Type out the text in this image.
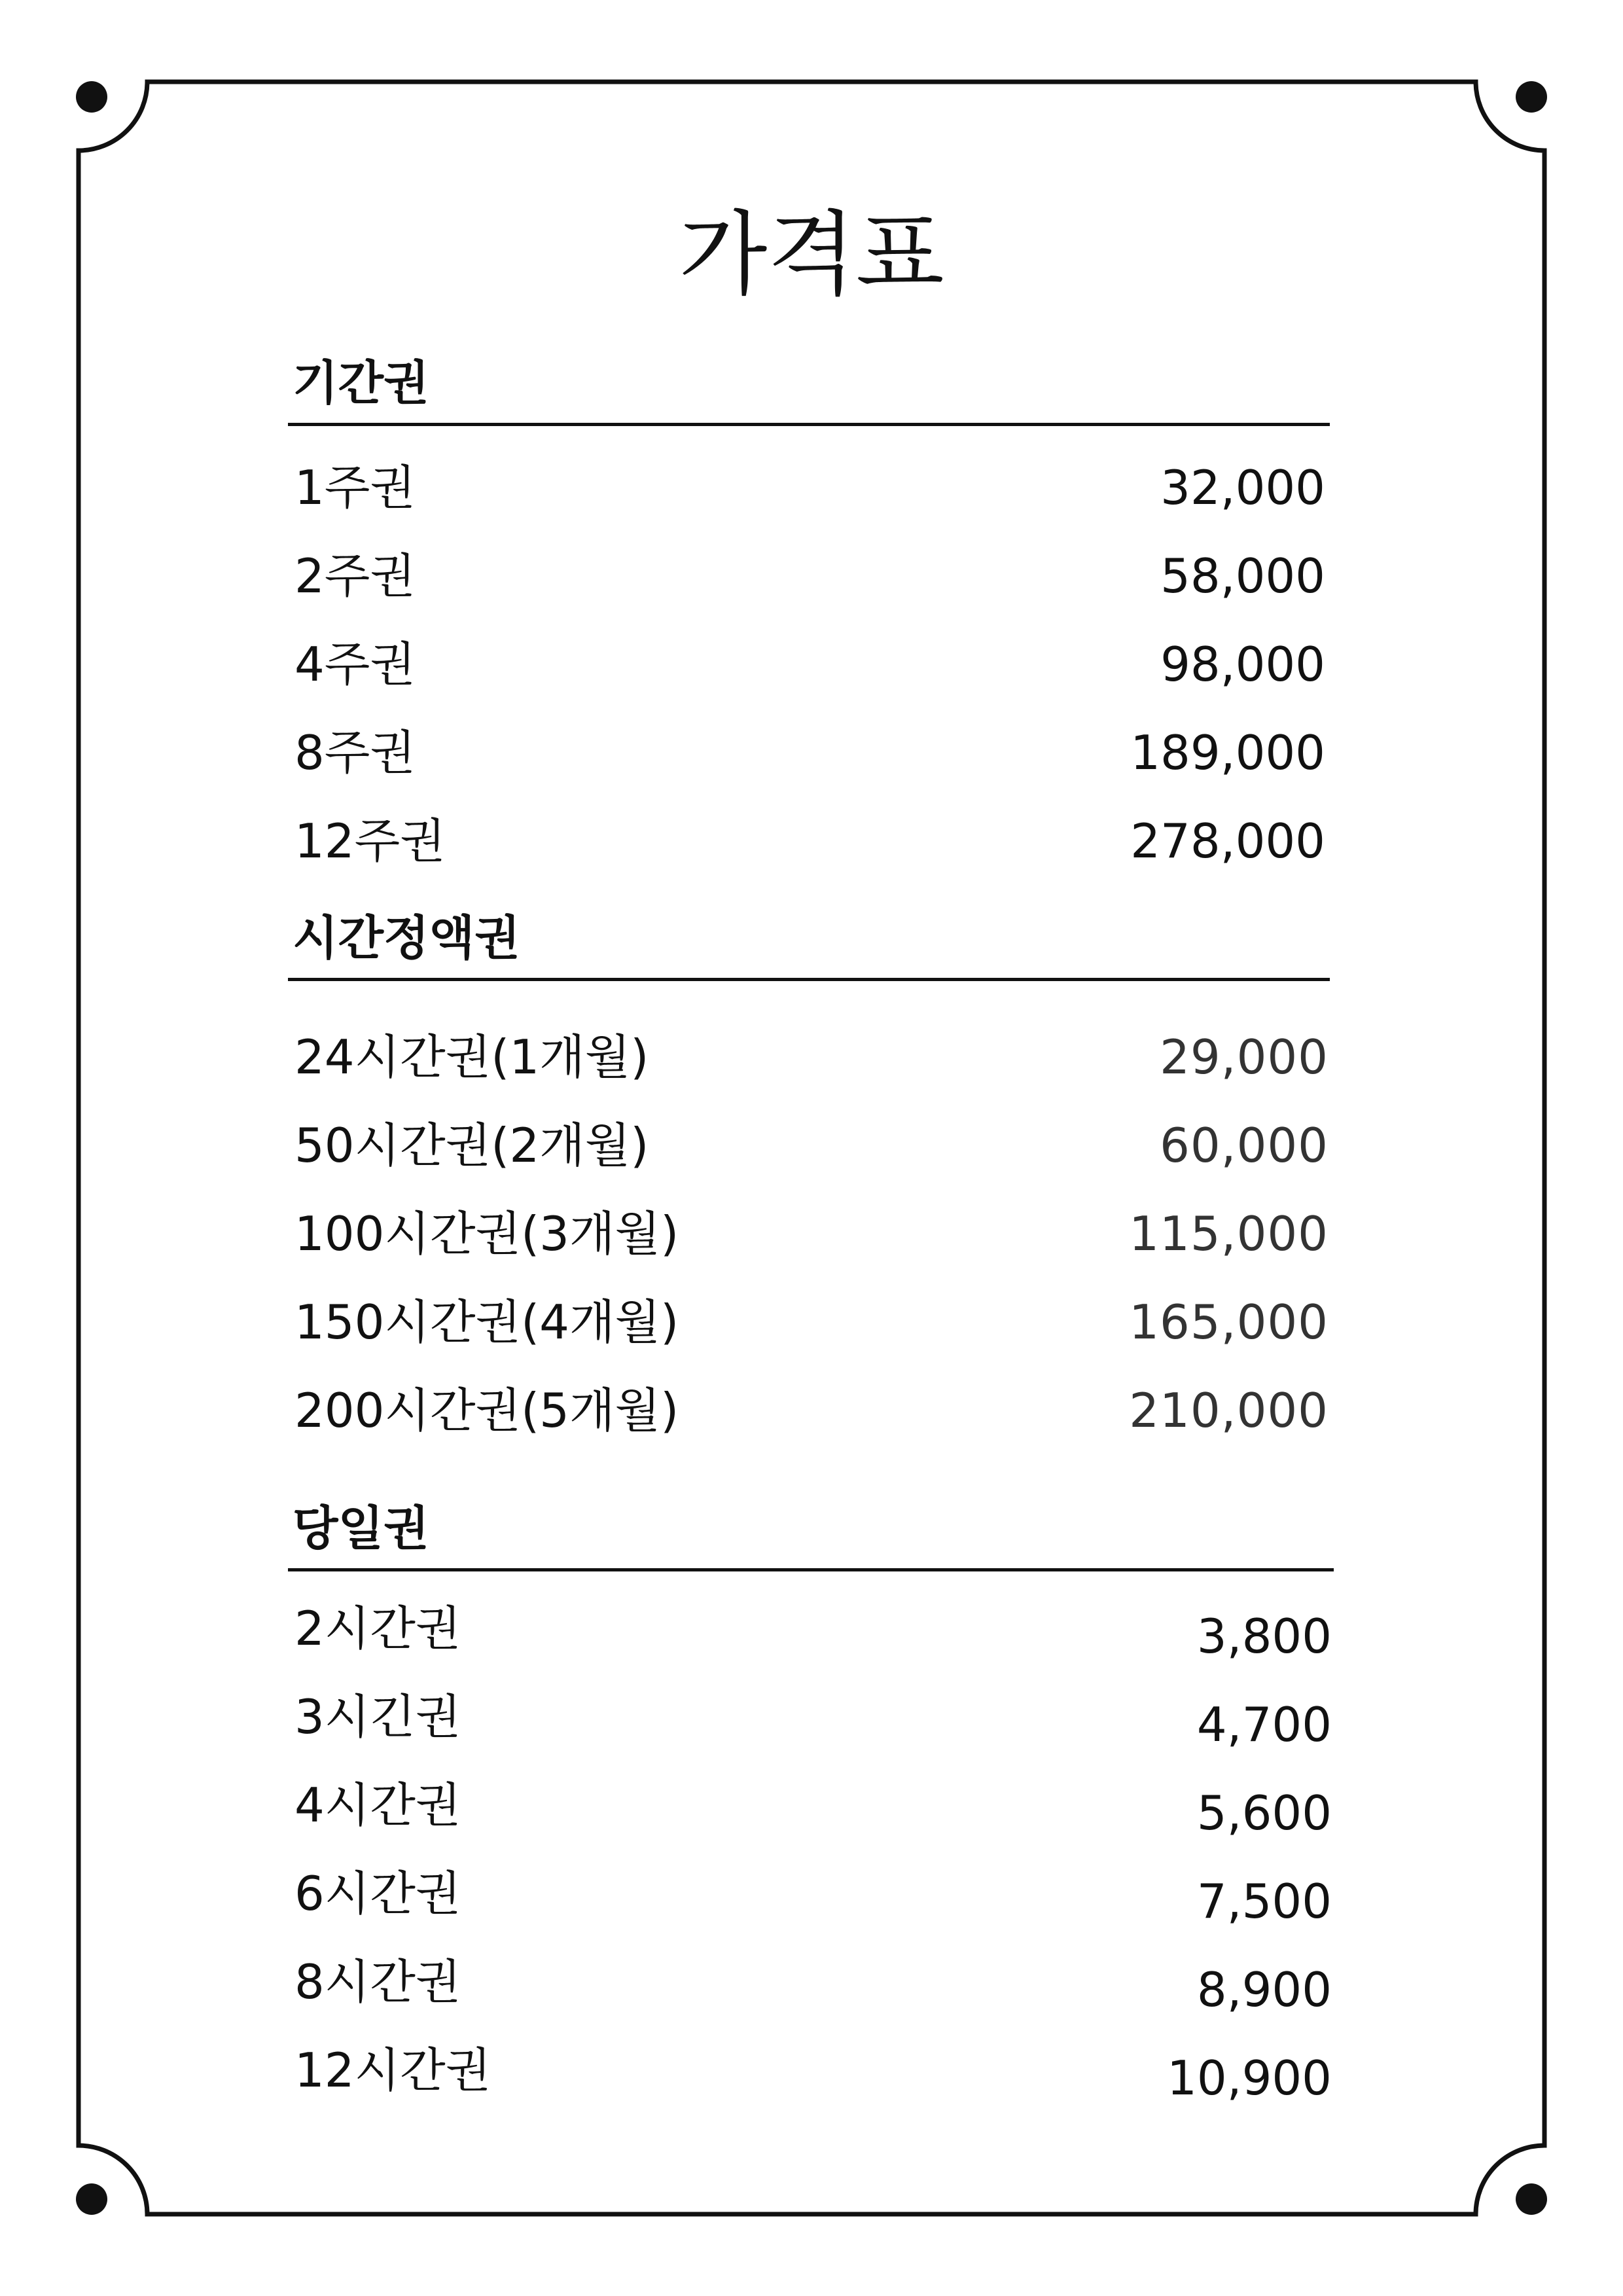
가격표
기간권
1주권	32,000
2주권	58,000
4주권	98,000
8주권	189,000
12주권	278,000
시간정액권
24시간권(1개월)	29,000
50시간권(2개월)	60,000
100시간권(3개월)	115,000
150시간권(4개월)	165,000
200시간권(5개월)	210,000
당일권
2시간권	3,800
3시긴권	4,700
4시간권	5,600
6시간권	7,500
8시간권	8,900
12시간권	10,900
